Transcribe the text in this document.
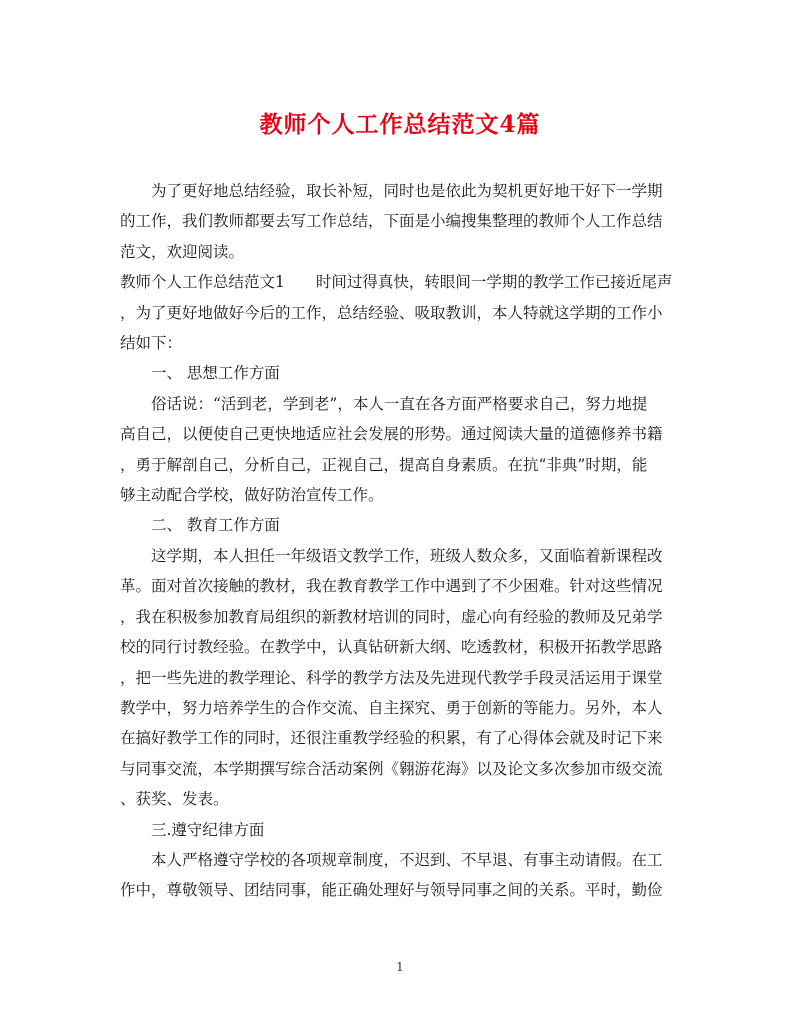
教师个人工作总结范文4篇

为了更好地总结经验，取长补短，同时也是依此为契机更好地干好下一学期
的工作，我们教师都要去写工作总结，下面是小编搜集整理的教师个人工作总结
范文，欢迎阅读。

教师个人工作总结范文1　　时间过得真快，转眼间一学期的教学工作已接近尾声
，为了更好地做好今后的工作，总结经验、吸取教训，本人特就这学期的工作小
结如下：

一、 思想工作方面

俗话说：“活到老，学到老”，本人一直在各方面严格要求自己，努力地提
高自己，以便使自己更快地适应社会发展的形势。通过阅读大量的道德修养书籍
，勇于解剖自己，分析自己，正视自己，提高自身素质。在抗“非典”时期，能
够主动配合学校，做好防治宣传工作。

二、 教育工作方面

这学期，本人担任一年级语文教学工作，班级人数众多，又面临着新课程改
革。面对首次接触的教材，我在教育教学工作中遇到了不少困难。针对这些情况
，我在积极参加教育局组织的新教材培训的同时，虚心向有经验的教师及兄弟学
校的同行讨教经验。在教学中，认真钻研新大纲、吃透教材，积极开拓教学思路
，把一些先进的教学理论、科学的教学方法及先进现代教学手段灵活运用于课堂
教学中，努力培养学生的合作交流、自主探究、勇于创新的等能力。另外，本人
在搞好教学工作的同时，还很注重教学经验的积累，有了心得体会就及时记下来
与同事交流，本学期撰写综合活动案例《翱游花海》以及论文多次参加市级交流
、获奖、发表。

三.遵守纪律方面

本人严格遵守学校的各项规章制度，不迟到、不早退、有事主动请假。在工
作中，尊敬领导、团结同事，能正确处理好与领导同事之间的关系。平时，勤俭

1
